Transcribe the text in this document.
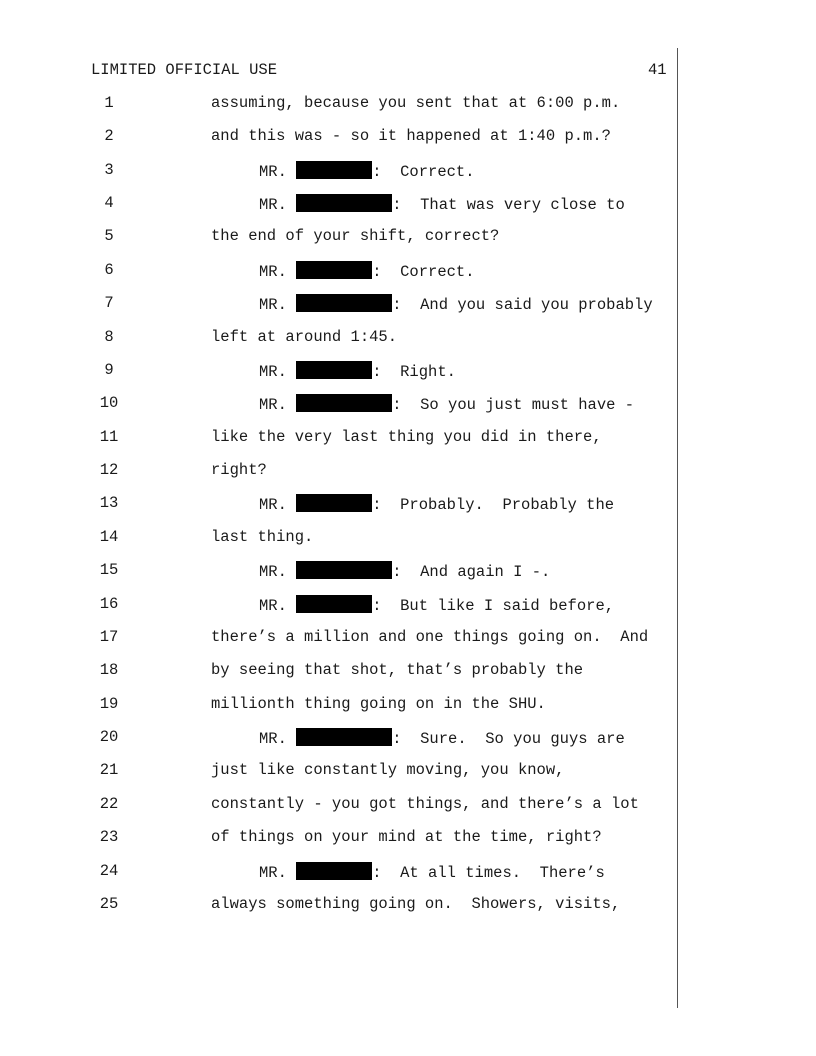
LIMITED OFFICIAL USE	41
1	assuming, because you sent that at 6:00 p.m.
2	and this was - so it happened at 1:40 p.m.?
3	MR.	:  Correct.
4	MR.	:  That was very close to
5	the end of your shift, correct?
6	MR.	:  Correct.
7	MR.	:  And you said you probably
8	left at around 1:45.
9	MR.	:  Right.
10	MR.	:  So you just must have -
11	like the very last thing you did in there,
12	right?
13	MR.	:  Probably.  Probably the
14	last thing.
15	MR.	:  And again I -.
16	MR.	:  But like I said before,
17	there’s a million and one things going on.  And
18	by seeing that shot, that’s probably the
19	millionth thing going on in the SHU.
20	MR.	:  Sure.  So you guys are
21	just like constantly moving, you know,
22	constantly - you got things, and there’s a lot
23	of things on your mind at the time, right?
24	MR.	:  At all times.  There’s
25	always something going on.  Showers, visits,
